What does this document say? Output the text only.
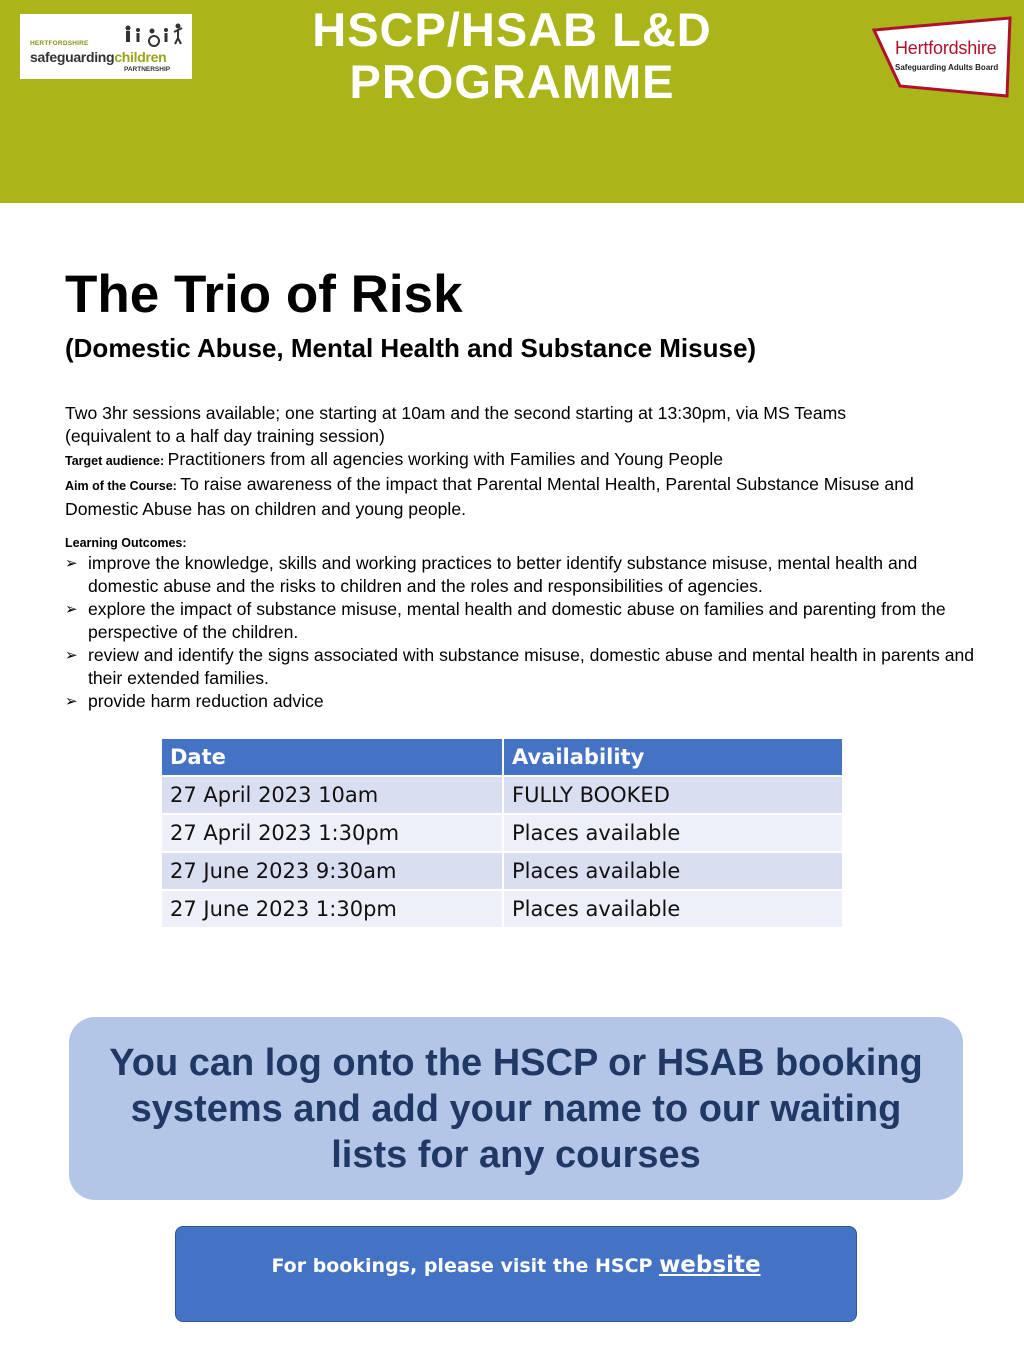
HERTFORDSHIRE
safeguardingchildren
PARTNERSHIP
HSCP/HSAB L&D
PROGRAMME
Hertfordshire
Safeguarding Adults Board
The Trio of Risk
(Domestic Abuse, Mental Health and Substance Misuse)

Two 3hr sessions available; one starting at 10am and the second starting at 13:30pm, via MS Teams

(equivalent to a half day training session)

Target audience: Practitioners from all agencies working with Families and Young People

Aim of the Course: To raise awareness of the impact that Parental Mental Health, Parental Substance Misuse and Domestic Abuse has on children and young people.

Learning Outcomes:
➢ improve the knowledge, skills and working practices to better identify substance misuse, mental health and domestic abuse and the risks to children and the roles and responsibilities of agencies.
➢ explore the impact of substance misuse, mental health and domestic abuse on families and parenting from the perspective of the children.
➢ review and identify the signs associated with substance misuse, domestic abuse and mental health in parents and their extended families.
➢ provide harm reduction advice
Date	Availability
27 April 2023 10am	FULLY BOOKED
27 April 2023 1:30pm	Places available
27 June 2023 9:30am	Places available
27 June 2023 1:30pm	Places available
You can log onto the HSCP or HSAB booking systems and add your name to our waiting lists for any courses
For bookings, please visit the HSCP website
